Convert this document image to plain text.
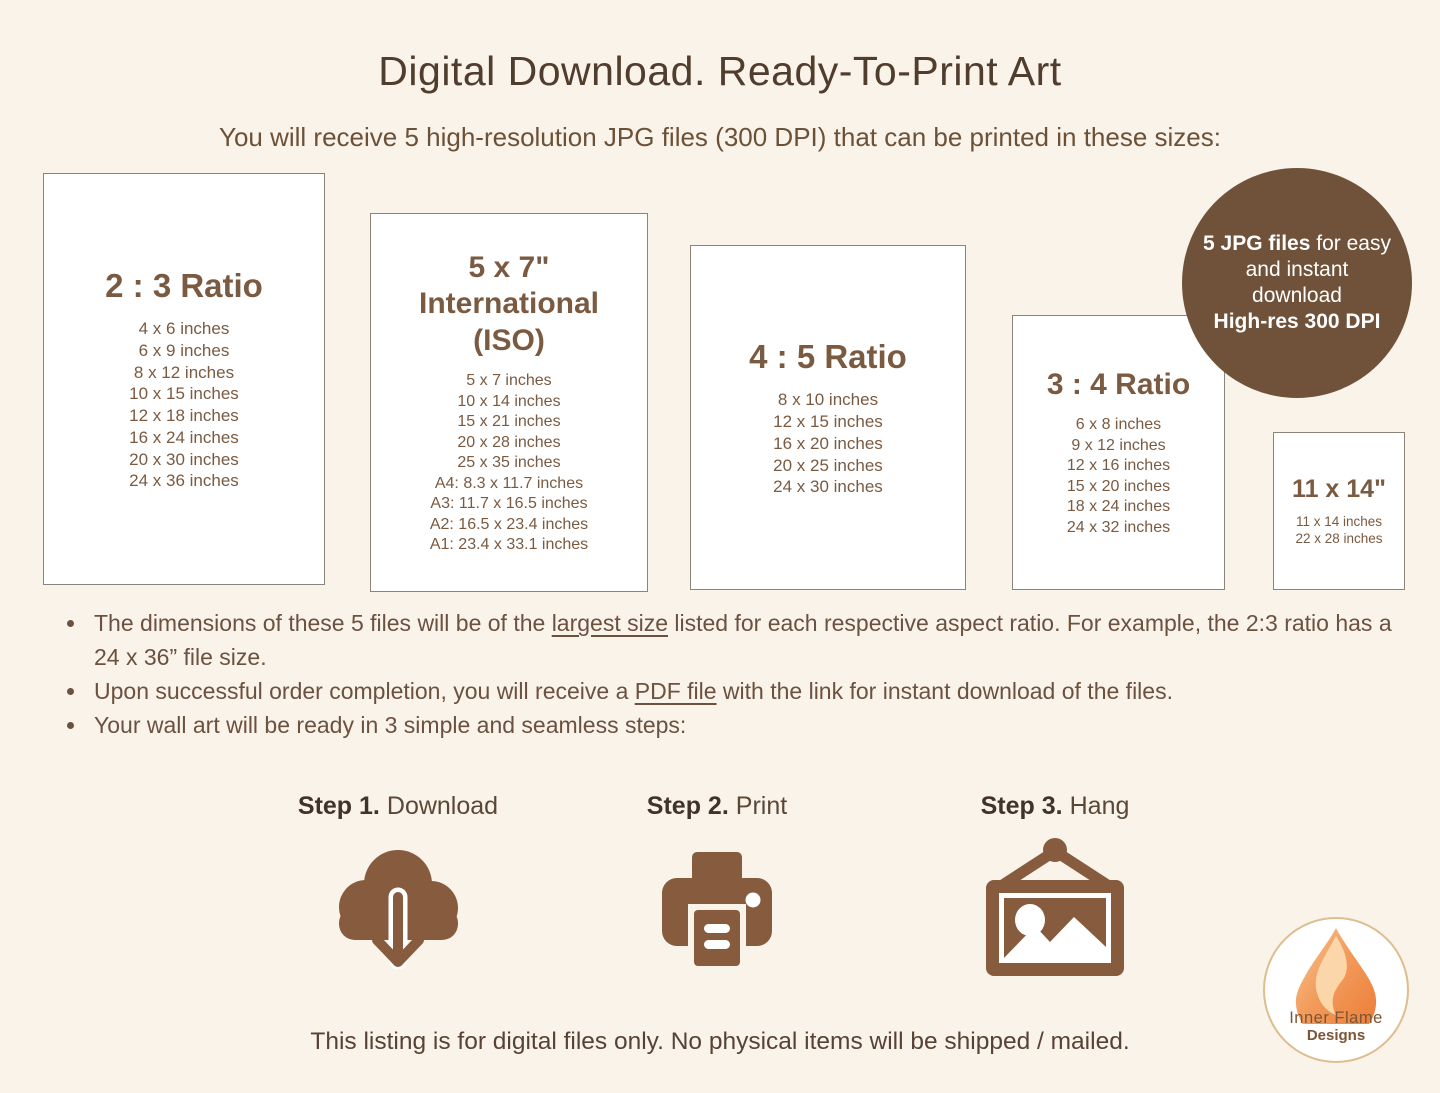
Digital Download. Ready-To-Print Art

You will receive 5 high-resolution JPG files (300 DPI) that can be printed in these sizes:

2 : 3 Ratio
4 x 6 inches
6 x 9 inches
8 x 12 inches
10 x 15 inches
12 x 18 inches
16 x 24 inches
20 x 30 inches
24 x 36 inches
5 x 7"
International
(ISO)
5 x 7 inches
10 x 14 inches
15 x 21 inches
20 x 28 inches
25 x 35 inches
A4: 8.3 x 11.7 inches
A3: 11.7 x 16.5 inches
A2: 16.5 x 23.4 inches
A1: 23.4 x 33.1 inches
4 : 5 Ratio
8 x 10 inches
12 x 15 inches
16 x 20 inches
20 x 25 inches
24 x 30 inches
3 : 4 Ratio
6 x 8 inches
9 x 12 inches
12 x 16 inches
15 x 20 inches
18 x 24 inches
24 x 32 inches
11 x 14"
11 x 14 inches
22 x 28 inches
5 JPG files for easy and instant download
High-res 300 DPI
• The dimensions of these 5 files will be of the largest size listed for each respective aspect ratio. For example, the 2:3 ratio has a 24 x 36” file size.
• Upon successful order completion, you will receive a PDF file with the link for instant download of the files.
• Your wall art will be ready in 3 simple and seamless steps:
Step 1. Download	Step 2. Print	Step 3. Hang

This listing is for digital files only. No physical items will be shipped / mailed.

Inner Flame
Designs
